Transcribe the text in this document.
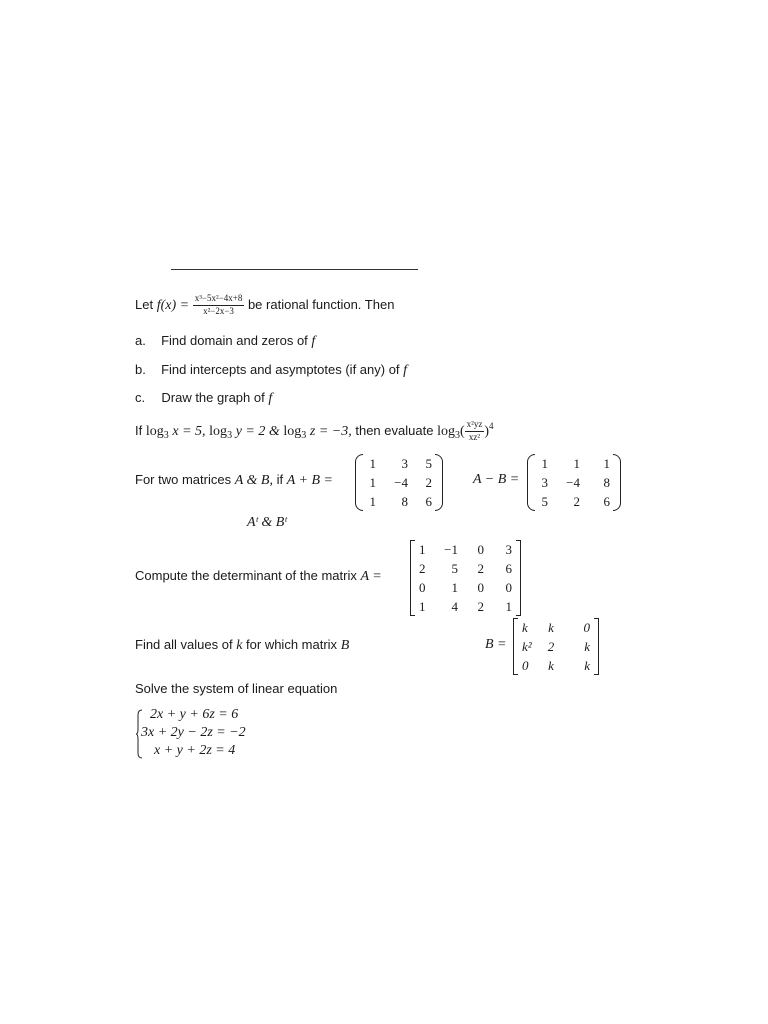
Let $f(x) = \frac{\text{x³−5x²−4x+8}}{\text{x²−2x−3}}$ be rational function. Then
a. Find domain and zeros of f
b. Find intercepts and asymptotes (if any) of f
c. Draw the graph of f
If $\log_3 x = 5$, $\log_3 y = 2$ & $\log_3 z = -3$, then evaluate $\log_3( \frac{\text{x²yz}}{\text{xz²}} )^4$
For two matrices A & B, if A + B =
1	3	5
1	−4	2
1	8	6
A − B =
1	1	1
3	−4	8
5	2	6
Aᵗ & Bᵗ
Compute the determinant of the matrix A =
1	−1	0	3
2	5	2	6
0	1	0	0
1	4	2	1
Find all values of k for which matrix B	B =
k	k	0
k²	2	k
0	k	k
Solve the system of linear equation
2x + y + 6z = 6
3x + 2y − 2z = −2
x + y + 2z = 4
